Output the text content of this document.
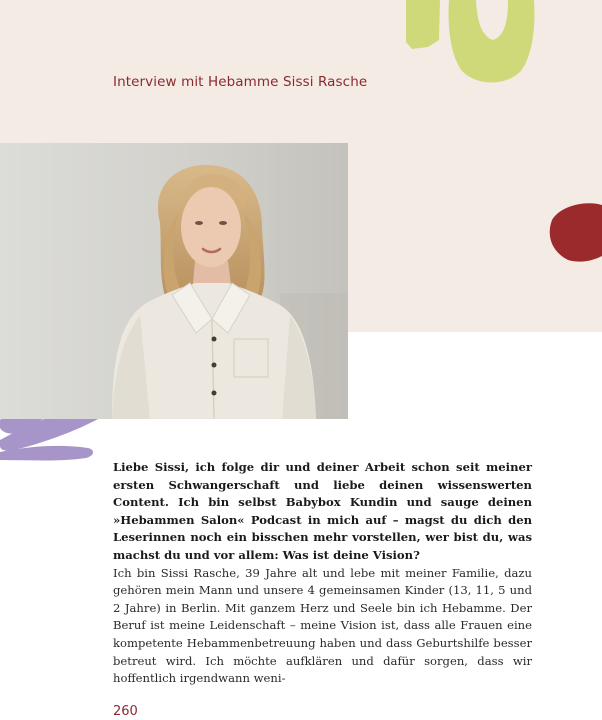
Interview mit Hebamme Sissi Rasche

Liebe Sissi, ich folge dir und deiner Arbeit schon seit meiner ersten Schwangerschaft und liebe deinen wissenswerten Content. Ich bin selbst Babybox Kundin und sauge deinen »Hebammen Salon« Podcast in mich auf – magst du dich den Leserinnen noch ein bisschen mehr vorstellen, wer bist du, was machst du und vor allem: Was ist deine Vision?

Ich bin Sissi Rasche, 39 Jahre alt und lebe mit meiner Familie, dazu gehören mein Mann und unsere 4 gemeinsamen Kinder (13, 11, 5 und 2 Jahre) in Berlin. Mit ganzem Herz und Seele bin ich Hebamme. Der Beruf ist meine Leidenschaft – meine Vision ist, dass alle Frauen eine kompetente Hebammenbetreuung haben und dass Geburtshilfe besser betreut wird. Ich möchte aufklären und dafür sorgen, dass wir hoffentlich irgendwann weni-

260
